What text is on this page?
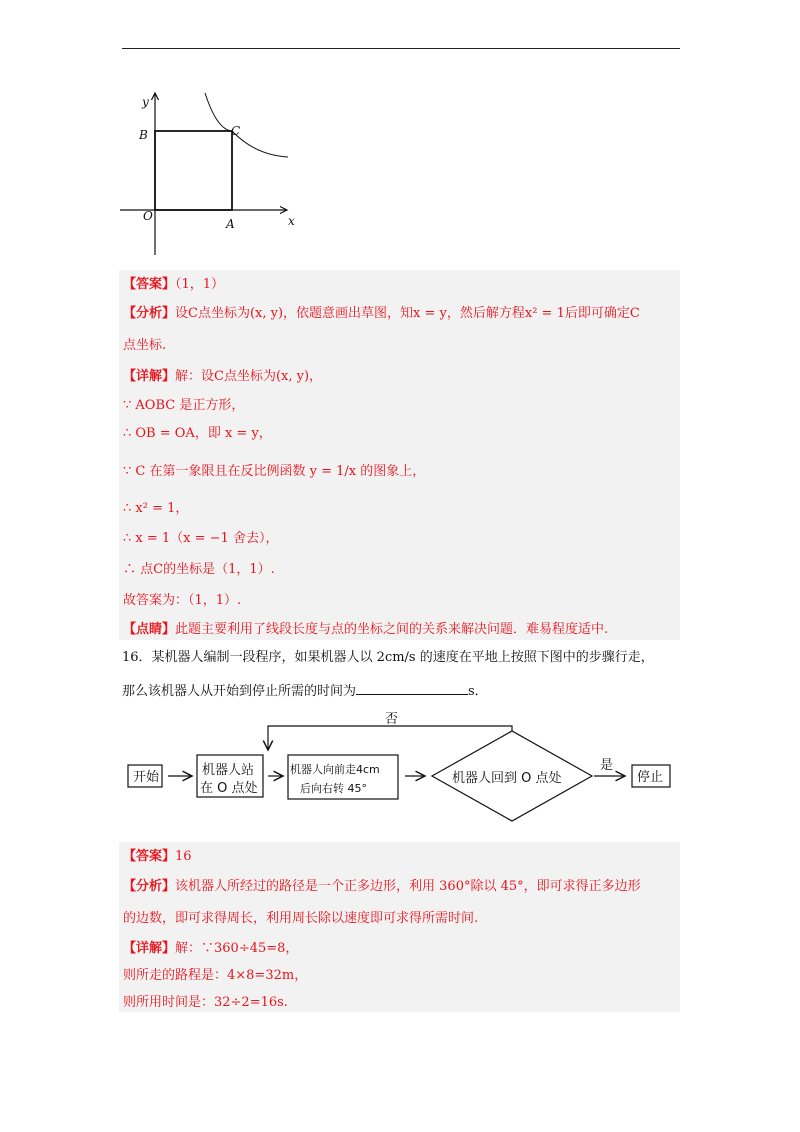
y
x
B	C
O
A
【答案】（1，1）
【分析】设C点坐标为(x, y)，依题意画出草图，知x = y，然后解方程x² = 1后即可确定C
点坐标.
【详解】解：设C点坐标为(x, y)，
∵ AOBC 是正方形，
∴ OB = OA，即 x = y，
∵ C 在第一象限且在反比例函数 y = 1/x 的图象上，
∴ x² = 1，
∴ x = 1（x = −1 舍去），
∴ 点C的坐标是（1，1）.
故答案为：（1，1）.
【点睛】此题主要利用了线段长度与点的坐标之间的关系来解决问题．难易程度适中.
16．某机器人编制一段程序，如果机器人以 2cm/s 的速度在平地上按照下图中的步骤行走，
那么该机器人从开始到停止所需的时间为	s．
开始	机器人站
在 O 点处
机器人向前走4cm
后向右转 45°
机器人回到 O 点处
否
是
停止
【答案】16
【分析】该机器人所经过的路径是一个正多边形，利用 360°除以 45°，即可求得正多边形
的边数，即可求得周长，利用周长除以速度即可求得所需时间.
【详解】解：∵360÷45=8，
则所走的路程是：4×8=32m，
则所用时间是：32÷2=16s.
